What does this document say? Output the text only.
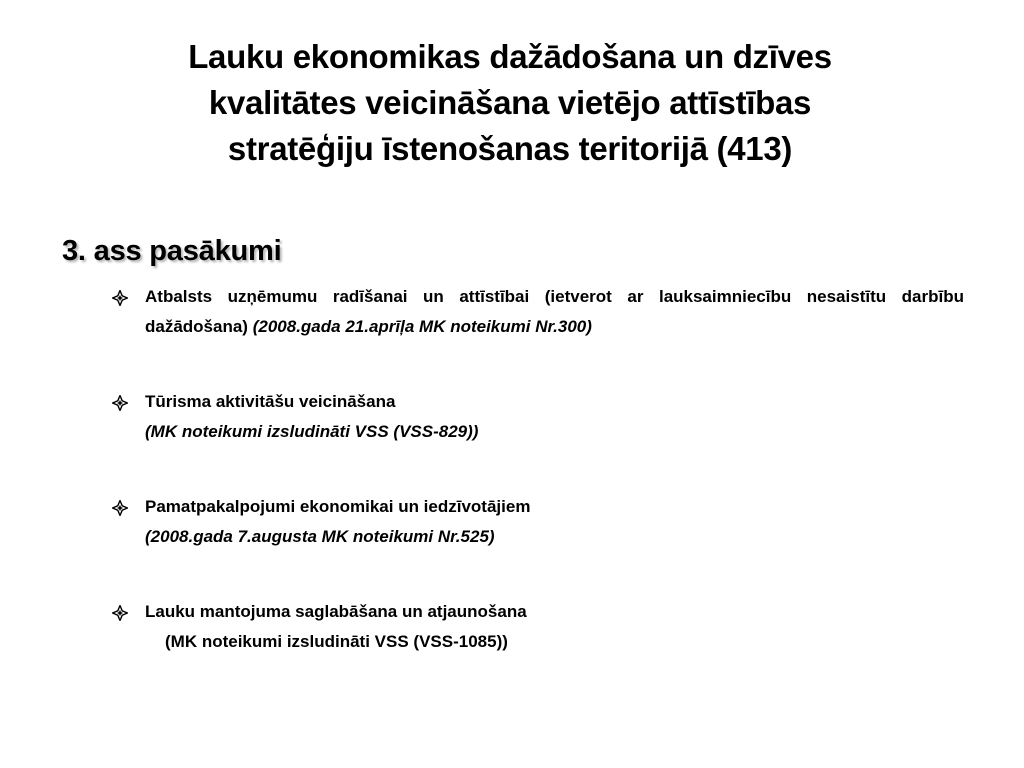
Lauku ekonomikas dažādošana un dzīves
kvalitātes veicināšana vietējo attīstības
stratēģiju īstenošanas teritorijā (413)
3. ass pasākumi
Atbalsts uzņēmumu radīšanai un attīstībai (ietverot ar lauksaimniecību nesaistītu darbību dažādošana) (2008.gada 21.aprīļa MK noteikumi Nr.300)
Tūrisma aktivitāšu veicināšana
(MK noteikumi izsludināti VSS (VSS-829))
Pamatpakalpojumi ekonomikai un iedzīvotājiem
(2008.gada 7.augusta MK noteikumi Nr.525)
Lauku mantojuma saglabāšana un atjaunošana
(MK noteikumi izsludināti VSS (VSS-1085))
